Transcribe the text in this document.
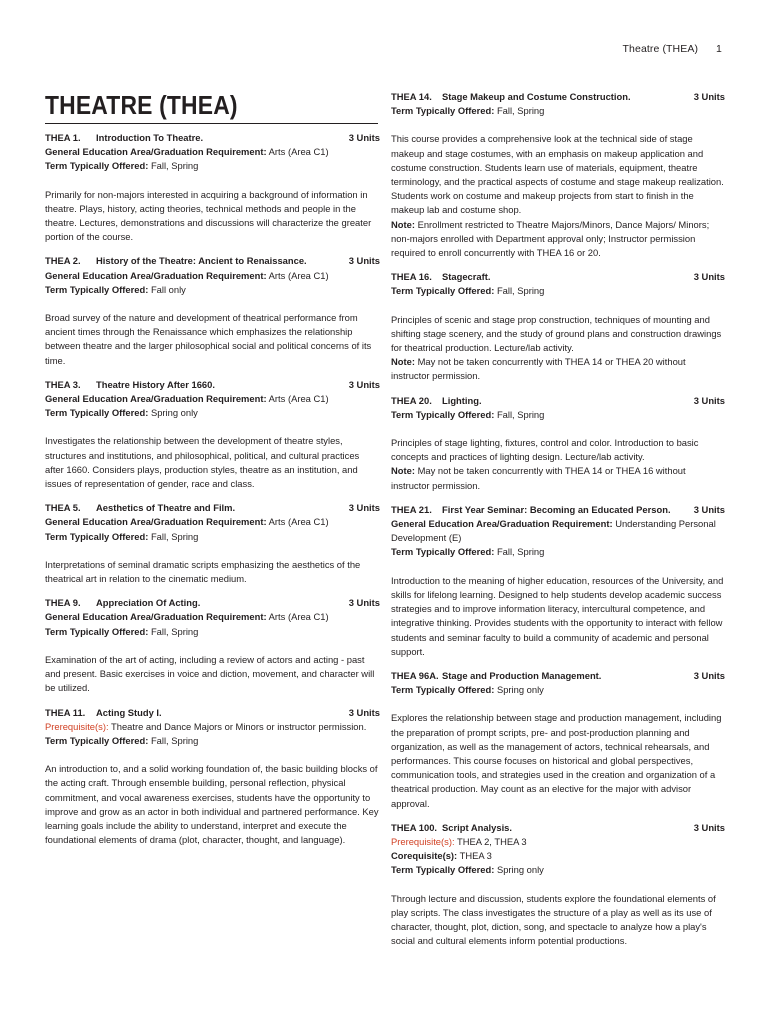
Theatre (THEA) 1
THEATRE (THEA)
THEA 1. Introduction To Theatre.	3 Units

General Education Area/Graduation Requirement: Arts (Area C1)

Term Typically Offered: Fall, Spring

Primarily for non-majors interested in acquiring a background of information in theatre. Plays, history, acting theories, technical methods and people in the theatre. Lectures, demonstrations and discussions will characterize the greater portion of the course.

THEA 2. History of the Theatre: Ancient to Renaissance.	3 Units

General Education Area/Graduation Requirement: Arts (Area C1)

Term Typically Offered: Fall only

Broad survey of the nature and development of theatrical performance from ancient times through the Renaissance which emphasizes the relationship between theatre and the larger philosophical social and political concerns of its time.

THEA 3. Theatre History After 1660.	3 Units

General Education Area/Graduation Requirement: Arts (Area C1)

Term Typically Offered: Spring only

Investigates the relationship between the development of theatre styles, structures and institutions, and philosophical, political, and cultural practices after 1660. Considers plays, production styles, theatre as an institution, and issues of representation of gender, race and class.

THEA 5. Aesthetics of Theatre and Film.	3 Units

General Education Area/Graduation Requirement: Arts (Area C1)

Term Typically Offered: Fall, Spring

Interpretations of seminal dramatic scripts emphasizing the aesthetics of the theatrical art in relation to the cinematic medium.

THEA 9. Appreciation Of Acting.	3 Units

General Education Area/Graduation Requirement: Arts (Area C1)

Term Typically Offered: Fall, Spring

Examination of the art of acting, including a review of actors and acting - past and present. Basic exercises in voice and diction, movement, and character will be utilized.

THEA 11. Acting Study I.	3 Units

Prerequisite(s): Theatre and Dance Majors or Minors or instructor permission.

Term Typically Offered: Fall, Spring

An introduction to, and a solid working foundation of, the basic building blocks of the acting craft. Through ensemble building, personal reflection, physical commitment, and vocal awareness exercises, students have the opportunity to improve and grow as an actor in both individual and partnered performance. Key learning goals include the ability to understand, interpret and execute the foundational elements of drama (plot, character, thought, and language).

THEA 14. Stage Makeup and Costume Construction.	3 Units

Term Typically Offered: Fall, Spring

This course provides a comprehensive look at the technical side of stage makeup and stage costumes, with an emphasis on makeup application and costume construction. Students learn use of materials, equipment, theatre terminology, and the practical aspects of costume and stage makeup realization. Students work on costume and makeup projects from start to finish in the makeup lab and costume shop.
Note: Enrollment restricted to Theatre Majors/Minors, Dance Majors/ Minors; non-majors enrolled with Department approval only; Instructor permission required to enroll concurrently with THEA 16 or 20.

THEA 16. Stagecraft.	3 Units

Term Typically Offered: Fall, Spring

Principles of scenic and stage prop construction, techniques of mounting and shifting stage scenery, and the study of ground plans and construction drawings for theatrical production. Lecture/lab activity.
Note: May not be taken concurrently with THEA 14 or THEA 20 without instructor permission.

THEA 20. Lighting.	3 Units

Term Typically Offered: Fall, Spring

Principles of stage lighting, fixtures, control and color. Introduction to basic concepts and practices of lighting design. Lecture/lab activity.
Note: May not be taken concurrently with THEA 14 or THEA 16 without instructor permission.

THEA 21. First Year Seminar: Becoming an Educated Person. 3 Units

General Education Area/Graduation Requirement: Understanding Personal Development (E)

Term Typically Offered: Fall, Spring

Introduction to the meaning of higher education, resources of the University, and skills for lifelong learning. Designed to help students develop academic success strategies and to improve information literacy, intercultural competence, and integrative thinking. Provides students with the opportunity to interact with fellow students and seminar faculty to build a community of academic and personal support.

THEA 96A. Stage and Production Management.	3 Units

Term Typically Offered: Spring only

Explores the relationship between stage and production management, including the preparation of prompt scripts, pre- and post-production planning and organization, as well as the management of actors, technical rehearsals, and performances. This course focuses on historical and global perspectives, communication tools, and strategies used in the creation and organization of a theatrical production. May count as an elective for the major with advisor approval.

THEA 100. Script Analysis.	3 Units

Prerequisite(s): THEA 2, THEA 3

Corequisite(s): THEA 3

Term Typically Offered: Spring only

Through lecture and discussion, students explore the foundational elements of play scripts. The class investigates the structure of a play as well as its use of character, thought, plot, diction, song, and spectacle to analyze how a play's social and cultural elements inform potential productions.
